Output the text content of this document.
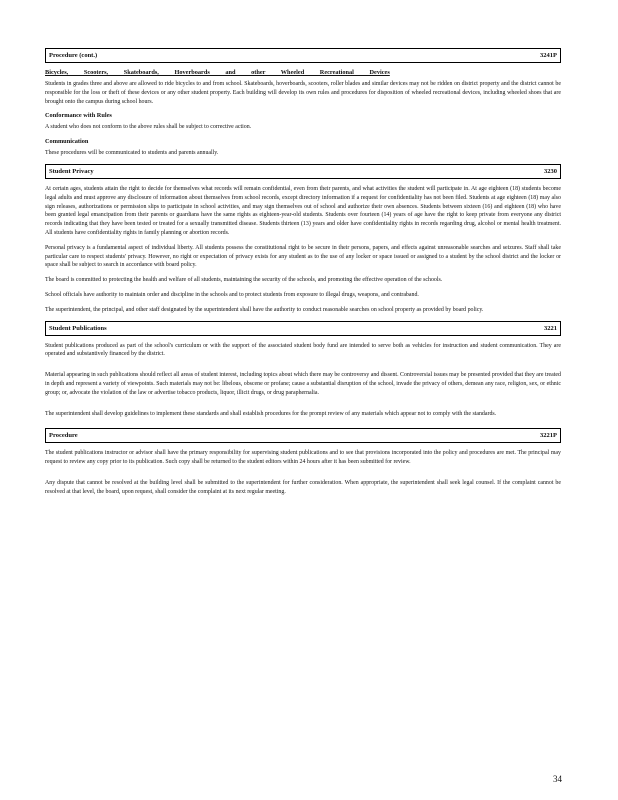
Procedure (cont.)	3241P
Bicycles, Scooters, Skateboards, Hoverboards and other Wheeled Recreational Devices
Students in grades three and above are allowed to ride bicycles to and from school. Skateboards, hoverboards, scooters, roller blades and similar devices may not be ridden on district property and the district cannot be responsible for the loss or theft of these devices or any other student property. Each building will develop its own rules and procedures for disposition of wheeled recreational devices, including wheeled shoes that are brought onto the campus during school hours.
Conformance with Rules
A student who does not conform to the above rules shall be subject to corrective action.
Communication
These procedures will be communicated to students and parents annually.
Student Privacy	3230
At certain ages, students attain the right to decide for themselves what records will remain confidential, even from their parents, and what activities the student will participate in. At age eighteen (18) students become legal adults and must approve any disclosure of information about themselves from school records, except directory information if a request for confidentiality has not been filed. Students at age eighteen (18) may also sign releases, authorizations or permission slips to participate in school activities, and may sign themselves out of school and authorize their own absences. Students between sixteen (16) and eighteen (18) who have been granted legal emancipation from their parents or guardians have the same rights as eighteen-year-old students. Students over fourteen (14) years of age have the right to keep private from everyone any district records indicating that they have been tested or treated for a sexually transmitted disease. Students thirteen (13) years and older have confidentiality rights in records regarding drug, alcohol or mental health treatment. All students have confidentiality rights in family planning or abortion records.
Personal privacy is a fundamental aspect of individual liberty. All students possess the constitutional right to be secure in their persons, papers, and effects against unreasonable searches and seizures. Staff shall take particular care to respect students' privacy. However, no right or expectation of privacy exists for any student as to the use of any locker or space issued or assigned to a student by the school district and the locker or space shall be subject to search in accordance with board policy.
The board is committed to protecting the health and welfare of all students, maintaining the security of the schools, and promoting the effective operation of the schools.
School officials have authority to maintain order and discipline in the schools and to protect students from exposure to illegal drugs, weapons, and contraband.
The superintendent, the principal, and other staff designated by the superintendent shall have the authority to conduct reasonable searches on school property as provided by board policy.
Student Publications	3221
Student publications produced as part of the school's curriculum or with the support of the associated student body fund are intended to serve both as vehicles for instruction and student communication. They are operated and substantively financed by the district.
Material appearing in such publications should reflect all areas of student interest, including topics about which there may be controversy and dissent. Controversial issues may be presented provided that they are treated in depth and represent a variety of viewpoints. Such materials may not be: libelous, obscene or profane; cause a substantial disruption of the school, invade the privacy of others, demean any race, religion, sex, or ethnic group; or, advocate the violation of the law or advertise tobacco products, liquor, illicit drugs, or drug paraphernalia.
The superintendent shall develop guidelines to implement these standards and shall establish procedures for the prompt review of any materials which appear not to comply with the standards.
Procedure	3221P
The student publications instructor or advisor shall have the primary responsibility for supervising student publications and to see that provisions incorporated into the policy and procedures are met. The principal may request to review any copy prior to its publication. Such copy shall be returned to the student editors within 24 hours after it has been submitted for review.
Any dispute that cannot be resolved at the building level shall be submitted to the superintendent for further consideration. When appropriate, the superintendent shall seek legal counsel. If the complaint cannot be resolved at that level, the board, upon request, shall consider the complaint at its next regular meeting.
34
